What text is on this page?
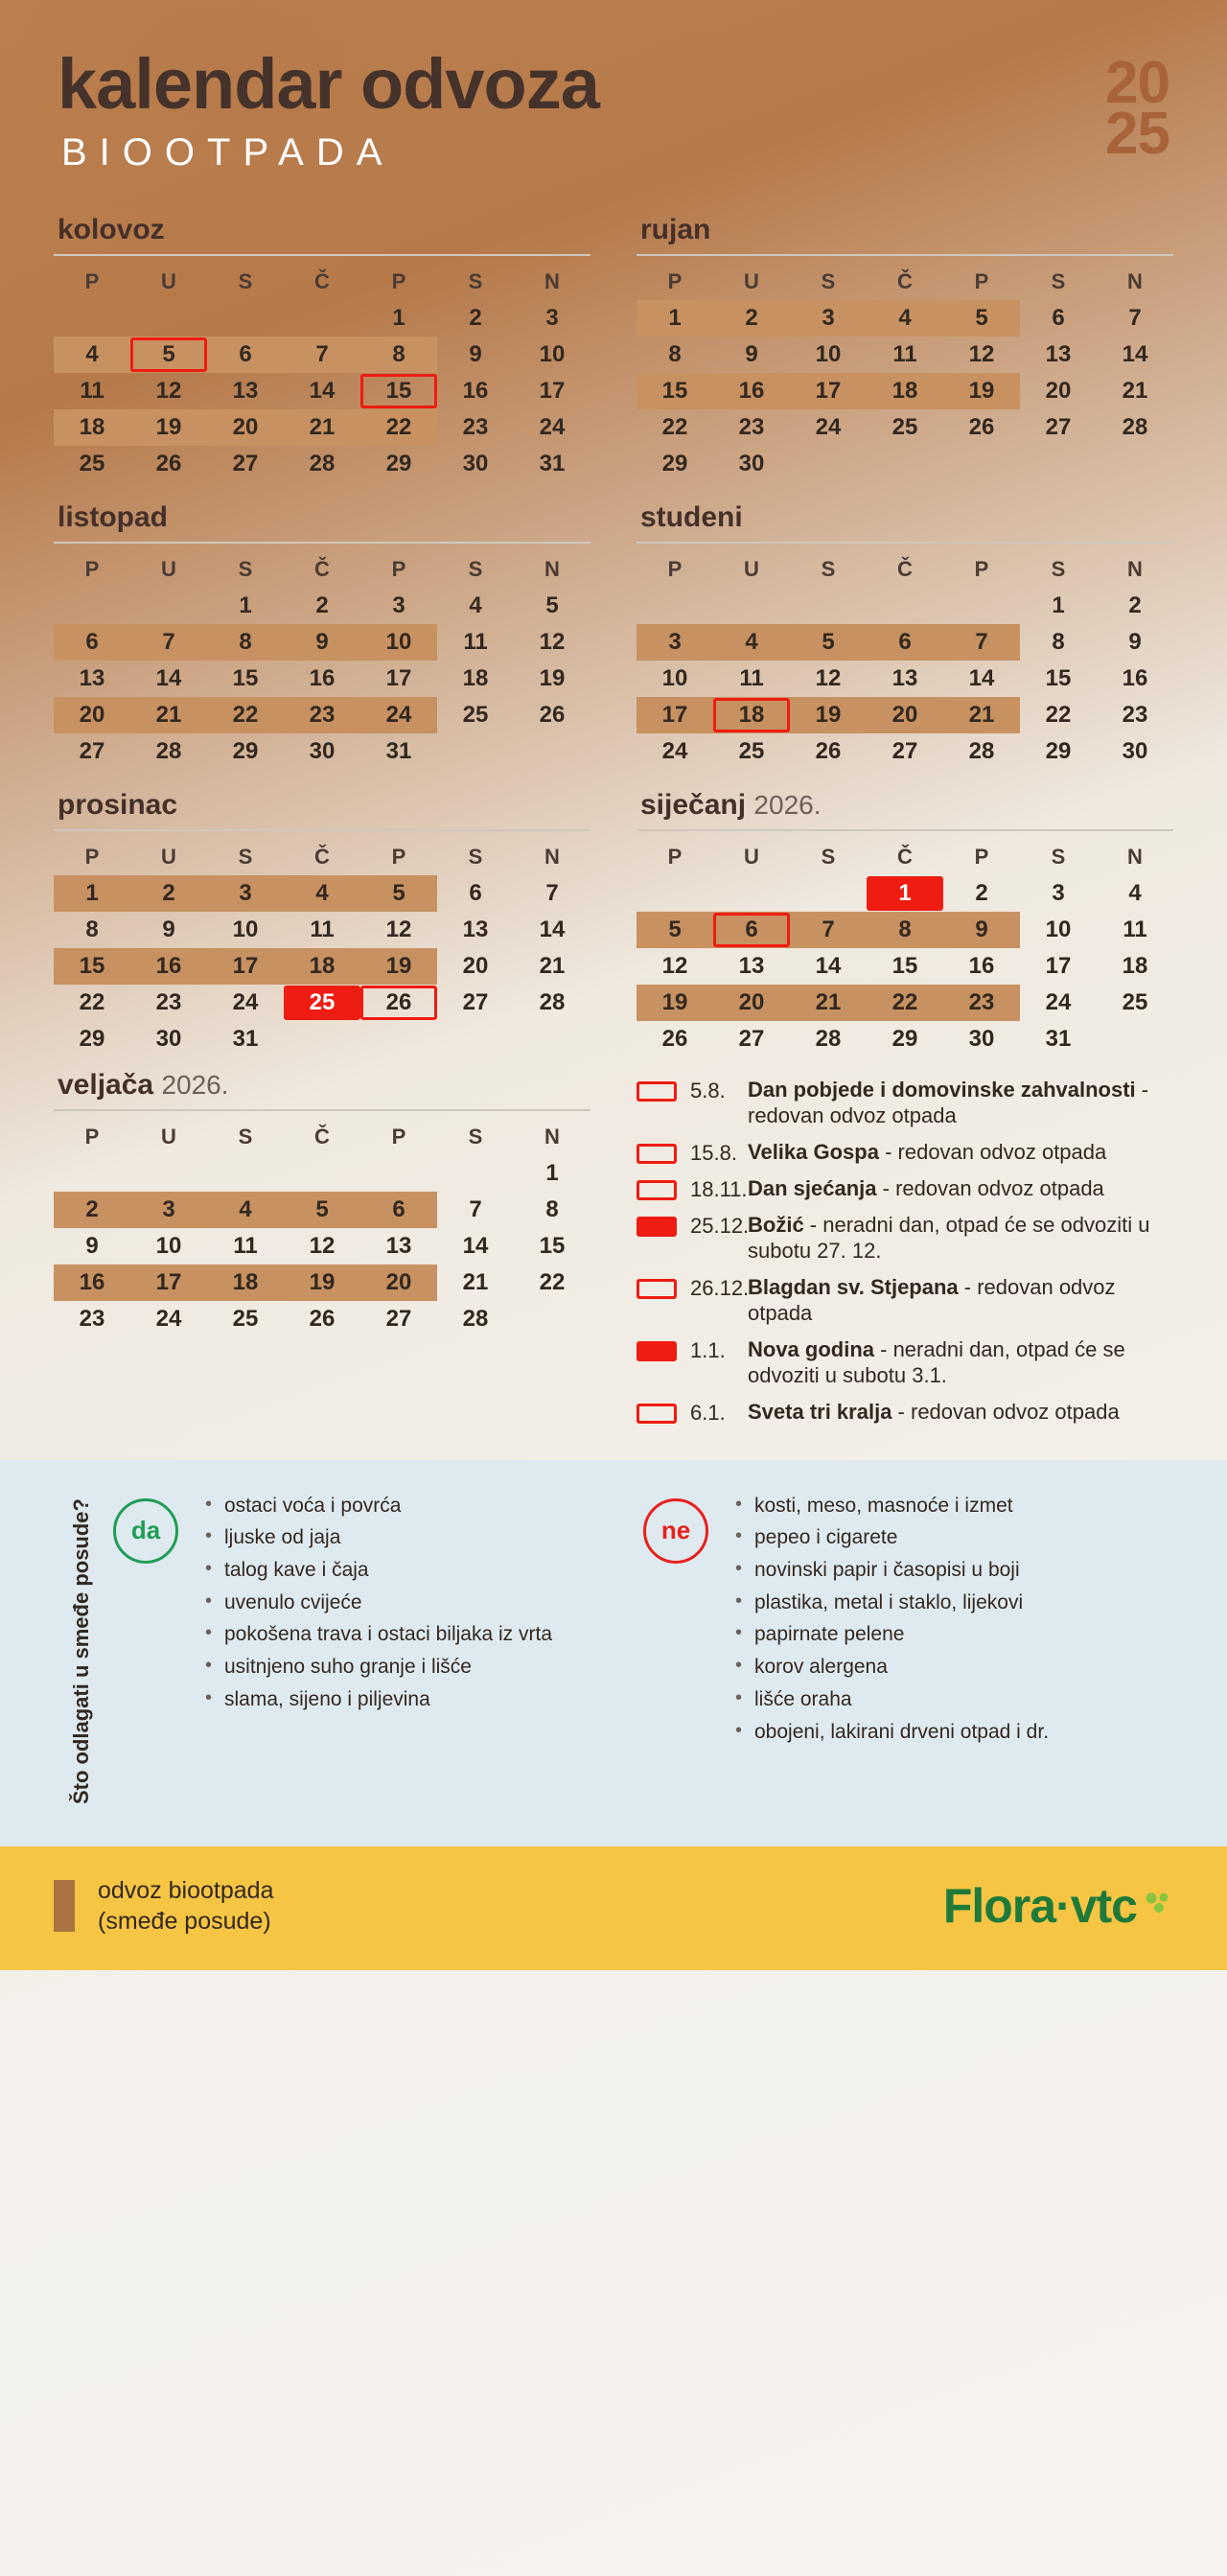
kalendar odvoza
BIOOTPADA
20
25
kolovoz
P	U	S	Č	P	S	N

				1	2	3

4	5	6	7	8	9	10

11	12	13	14	15	16	17

18	19	20	21	22	23	24

25	26	27	28	29	30	31
rujan
P	U	S	Č	P	S	N

1	2	3	4	5	6	7

8	9	10	11	12	13	14

15	16	17	18	19	20	21

22	23	24	25	26	27	28

29	30					

listopad
P	U	S	Č	P	S	N

		1	2	3	4	5

6	7	8	9	10	11	12

13	14	15	16	17	18	19

20	21	22	23	24	25	26

27	28	29	30	31		

studeni
P	U	S	Č	P	S	N

					1	2

3	4	5	6	7	8	9

10	11	12	13	14	15	16

17	18	19	20	21	22	23

24	25	26	27	28	29	30
prosinac
P	U	S	Č	P	S	N

1	2	3	4	5	6	7

8	9	10	11	12	13	14

15	16	17	18	19	20	21

22	23	24	25	26	27	28

29	30	31				

siječanj 2026.
P	U	S	Č	P	S	N

			1	2	3	4

5	6	7	8	9	10	11

12	13	14	15	16	17	18

19	20	21	22	23	24	25

26	27	28	29	30	31	

veljača 2026.
P	U	S	Č	P	S	N

						1

2	3	4	5	6	7	8

9	10	11	12	13	14	15

16	17	18	19	20	21	22

23	24	25	26	27	28	

5.8.	Dan pobjede i domovinske zahvalnosti - redovan odvoz otpada
15.8. Velika Gospa - redovan odvoz otpada
18.11. Dan sjećanja - redovan odvoz otpada
25.12.
Božić - neradni dan, otpad će se odvoziti u subotu 27. 12.
26.12.
Blagdan sv. Stjepana - redovan odvoz otpada
1.1.	Nova godina - neradni dan, otpad će se odvoziti u subotu 3.1.
6.1.	Sveta tri kralja - redovan odvoz otpada
Što odlagati u smeđe posude?	da
• ostaci voća i povrća
• ljuske od jaja
• talog kave i čaja
• uvenulo cvijeće
• pokošena trava i ostaci biljaka iz vrta
• usitnjeno suho granje i lišće
• slama, sijeno i piljevina
ne
• kosti, meso, masnoće i izmet
• pepeo i cigarete
• novinski papir i časopisi u boji
• plastika, metal i staklo, lijekovi
• papirnate pelene
• korov alergena
• lišće oraha
• obojeni, lakirani drveni otpad i dr.
odvoz biootpada
(smeđe posude)	Flora·vtc
